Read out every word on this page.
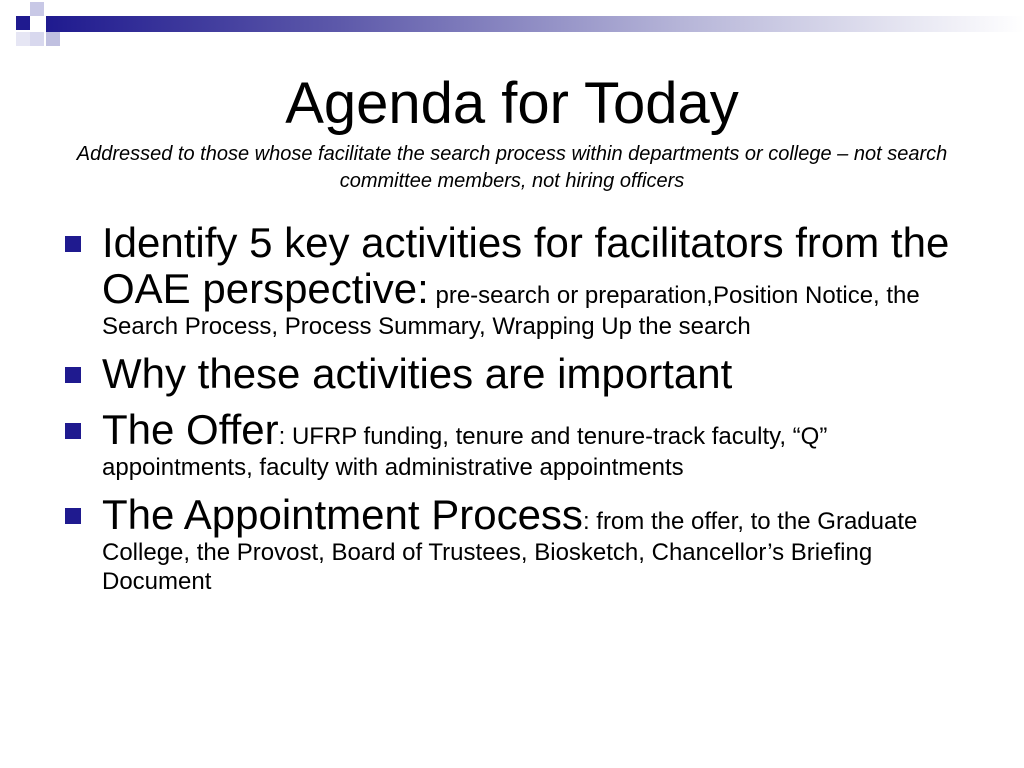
Agenda for Today
Addressed to those whose facilitate the search process within departments or college – not search committee members, not hiring officers
Identify 5 key activities for facilitators from the OAE perspective: pre-search or preparation,Position Notice, the Search Process, Process Summary, Wrapping Up the search
Why these activities are important
The Offer: UFRP funding, tenure and tenure-track faculty, “Q” appointments, faculty with administrative appointments
The Appointment Process: from the offer, to the Graduate College, the Provost, Board of Trustees, Biosketch, Chancellor’s Briefing Document
